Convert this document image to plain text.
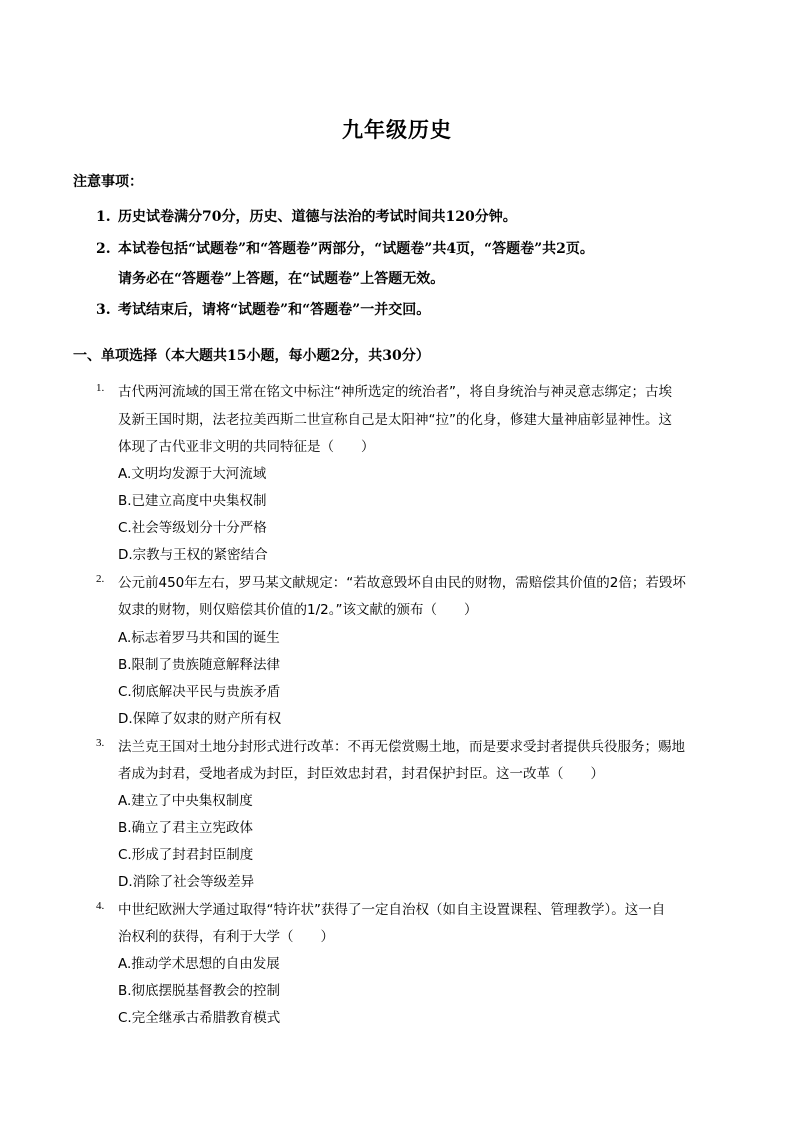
九年级历史
注意事项：
1. 历史试卷满分70分，历史、道德与法治的考试时间共120分钟。
2. 本试卷包括“试题卷”和“答题卷”两部分，“试题卷”共4页，“答题卷”共2页。
请务必在“答题卷”上答题，在“试题卷”上答题无效。
3. 考试结束后，请将“试题卷”和“答题卷”一并交回。
一、单项选择（本大题共15小题，每小题2分，共30分）
1. 古代两河流域的国王常在铭文中标注“神所选定的统治者”，将自身统治与神灵意志绑定；古埃
及新王国时期，法老拉美西斯二世宣称自己是太阳神“拉”的化身，修建大量神庙彰显神性。这
体现了古代亚非文明的共同特征是（　　）
A.文明均发源于大河流域
B.已建立高度中央集权制
C.社会等级划分十分严格
D.宗教与王权的紧密结合
2. 公元前450年左右，罗马某文献规定：“若故意毁坏自由民的财物，需赔偿其价值的2倍；若毁坏
奴隶的财物，则仅赔偿其价值的1/2。”该文献的颁布（　　）
A.标志着罗马共和国的诞生
B.限制了贵族随意解释法律
C.彻底解决平民与贵族矛盾
D.保障了奴隶的财产所有权
3. 法兰克王国对土地分封形式进行改革：不再无偿赏赐土地，而是要求受封者提供兵役服务；赐地
者成为封君，受地者成为封臣，封臣效忠封君，封君保护封臣。这一改革（　　）
A.建立了中央集权制度
B.确立了君主立宪政体
C.形成了封君封臣制度
D.消除了社会等级差异
4. 中世纪欧洲大学通过取得“特许状”获得了一定自治权（如自主设置课程、管理教学）。这一自
治权利的获得，有利于大学（　　）
A.推动学术思想的自由发展
B.彻底摆脱基督教会的控制
C.完全继承古希腊教育模式
